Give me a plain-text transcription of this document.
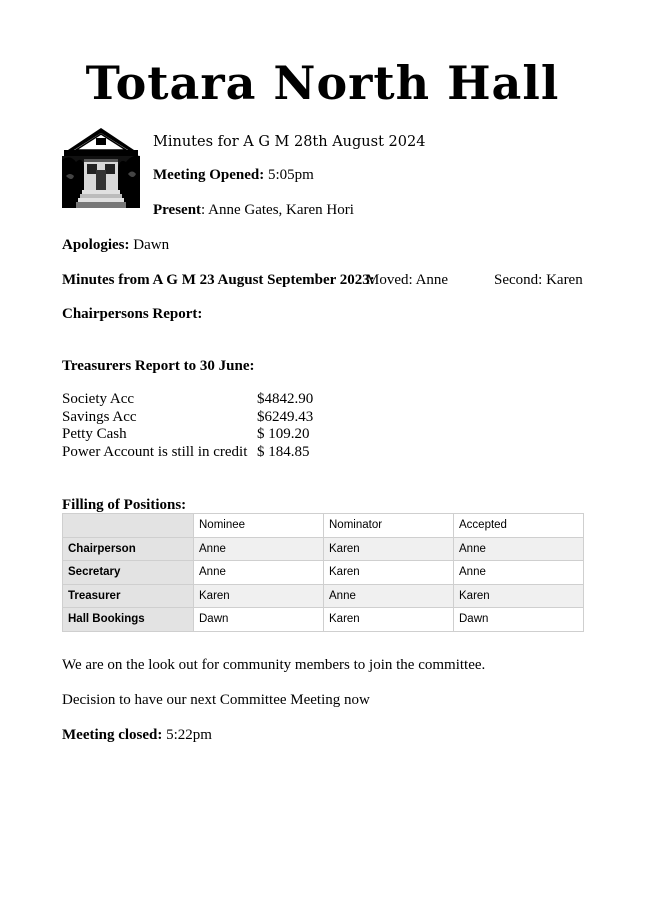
Totara North Hall
Minutes for A G M 28th August 2024
Meeting Opened: 5:05pm
Present: Anne Gates, Karen Hori
Apologies: Dawn
Minutes from A G M 23 August September 2023:
Moved: Anne	Second: Karen
Chairpersons Report:
Treasurers Report to 30 June:
Society Acc	$4842.90
Savings Acc	$6249.43
Petty Cash	$ 109.20
Power Account is still in credit $ 184.85
Filling of Positions:
	Nominee	Nominator	Accepted
Chairperson	Anne	Karen	Anne
Secretary	Anne	Karen	Anne
Treasurer	Karen	Anne	Karen
Hall Bookings	Dawn	Karen	Dawn
We are on the look out for community members to join the committee.
Decision to have our next Committee Meeting now
Meeting closed: 5:22pm
